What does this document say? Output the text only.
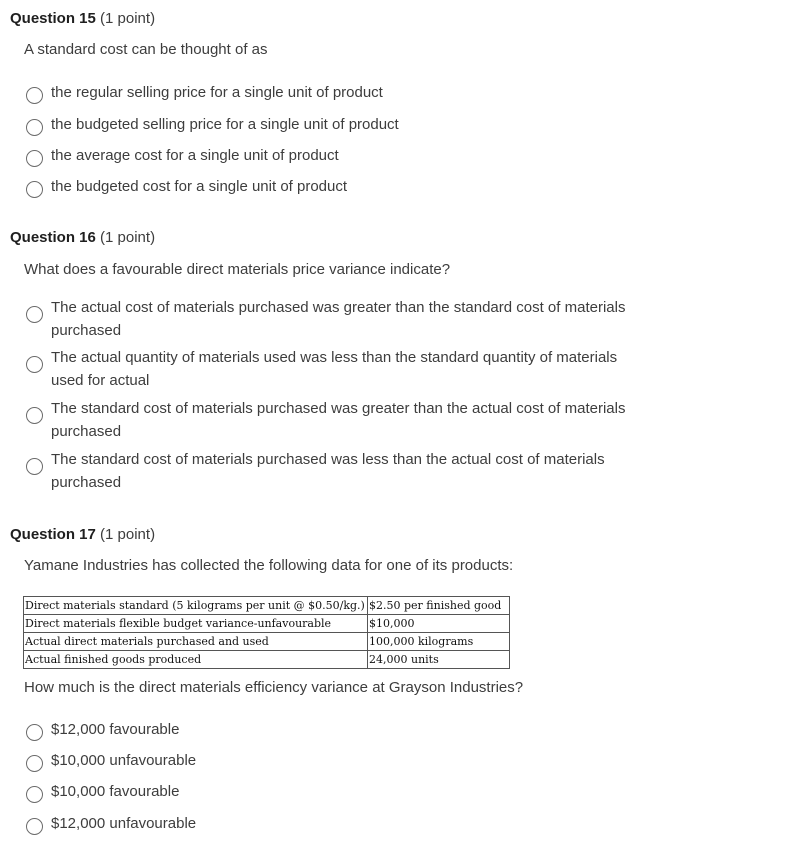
Question 15 (1 point)
A standard cost can be thought of as
the regular selling price for a single unit of product
the budgeted selling price for a single unit of product
the average cost for a single unit of product
the budgeted cost for a single unit of product
Question 16 (1 point)
What does a favourable direct materials price variance indicate?
The actual cost of materials purchased was greater than the standard cost of materials purchased
The actual quantity of materials used was less than the standard quantity of materials used for actual
The standard cost of materials purchased was greater than the actual cost of materials purchased
The standard cost of materials purchased was less than the actual cost of materials purchased
Question 17 (1 point)
Yamane Industries has collected the following data for one of its products:
Direct materials standard (5 kilograms per unit @ $0.50/kg.)	$2.50 per finished good
Direct materials flexible budget variance-unfavourable	$10,000
Actual direct materials purchased and used	100,000 kilograms
Actual finished goods produced	24,000 units
How much is the direct materials efficiency variance at Grayson Industries?
$12,000 favourable
$10,000 unfavourable
$10,000 favourable
$12,000 unfavourable
